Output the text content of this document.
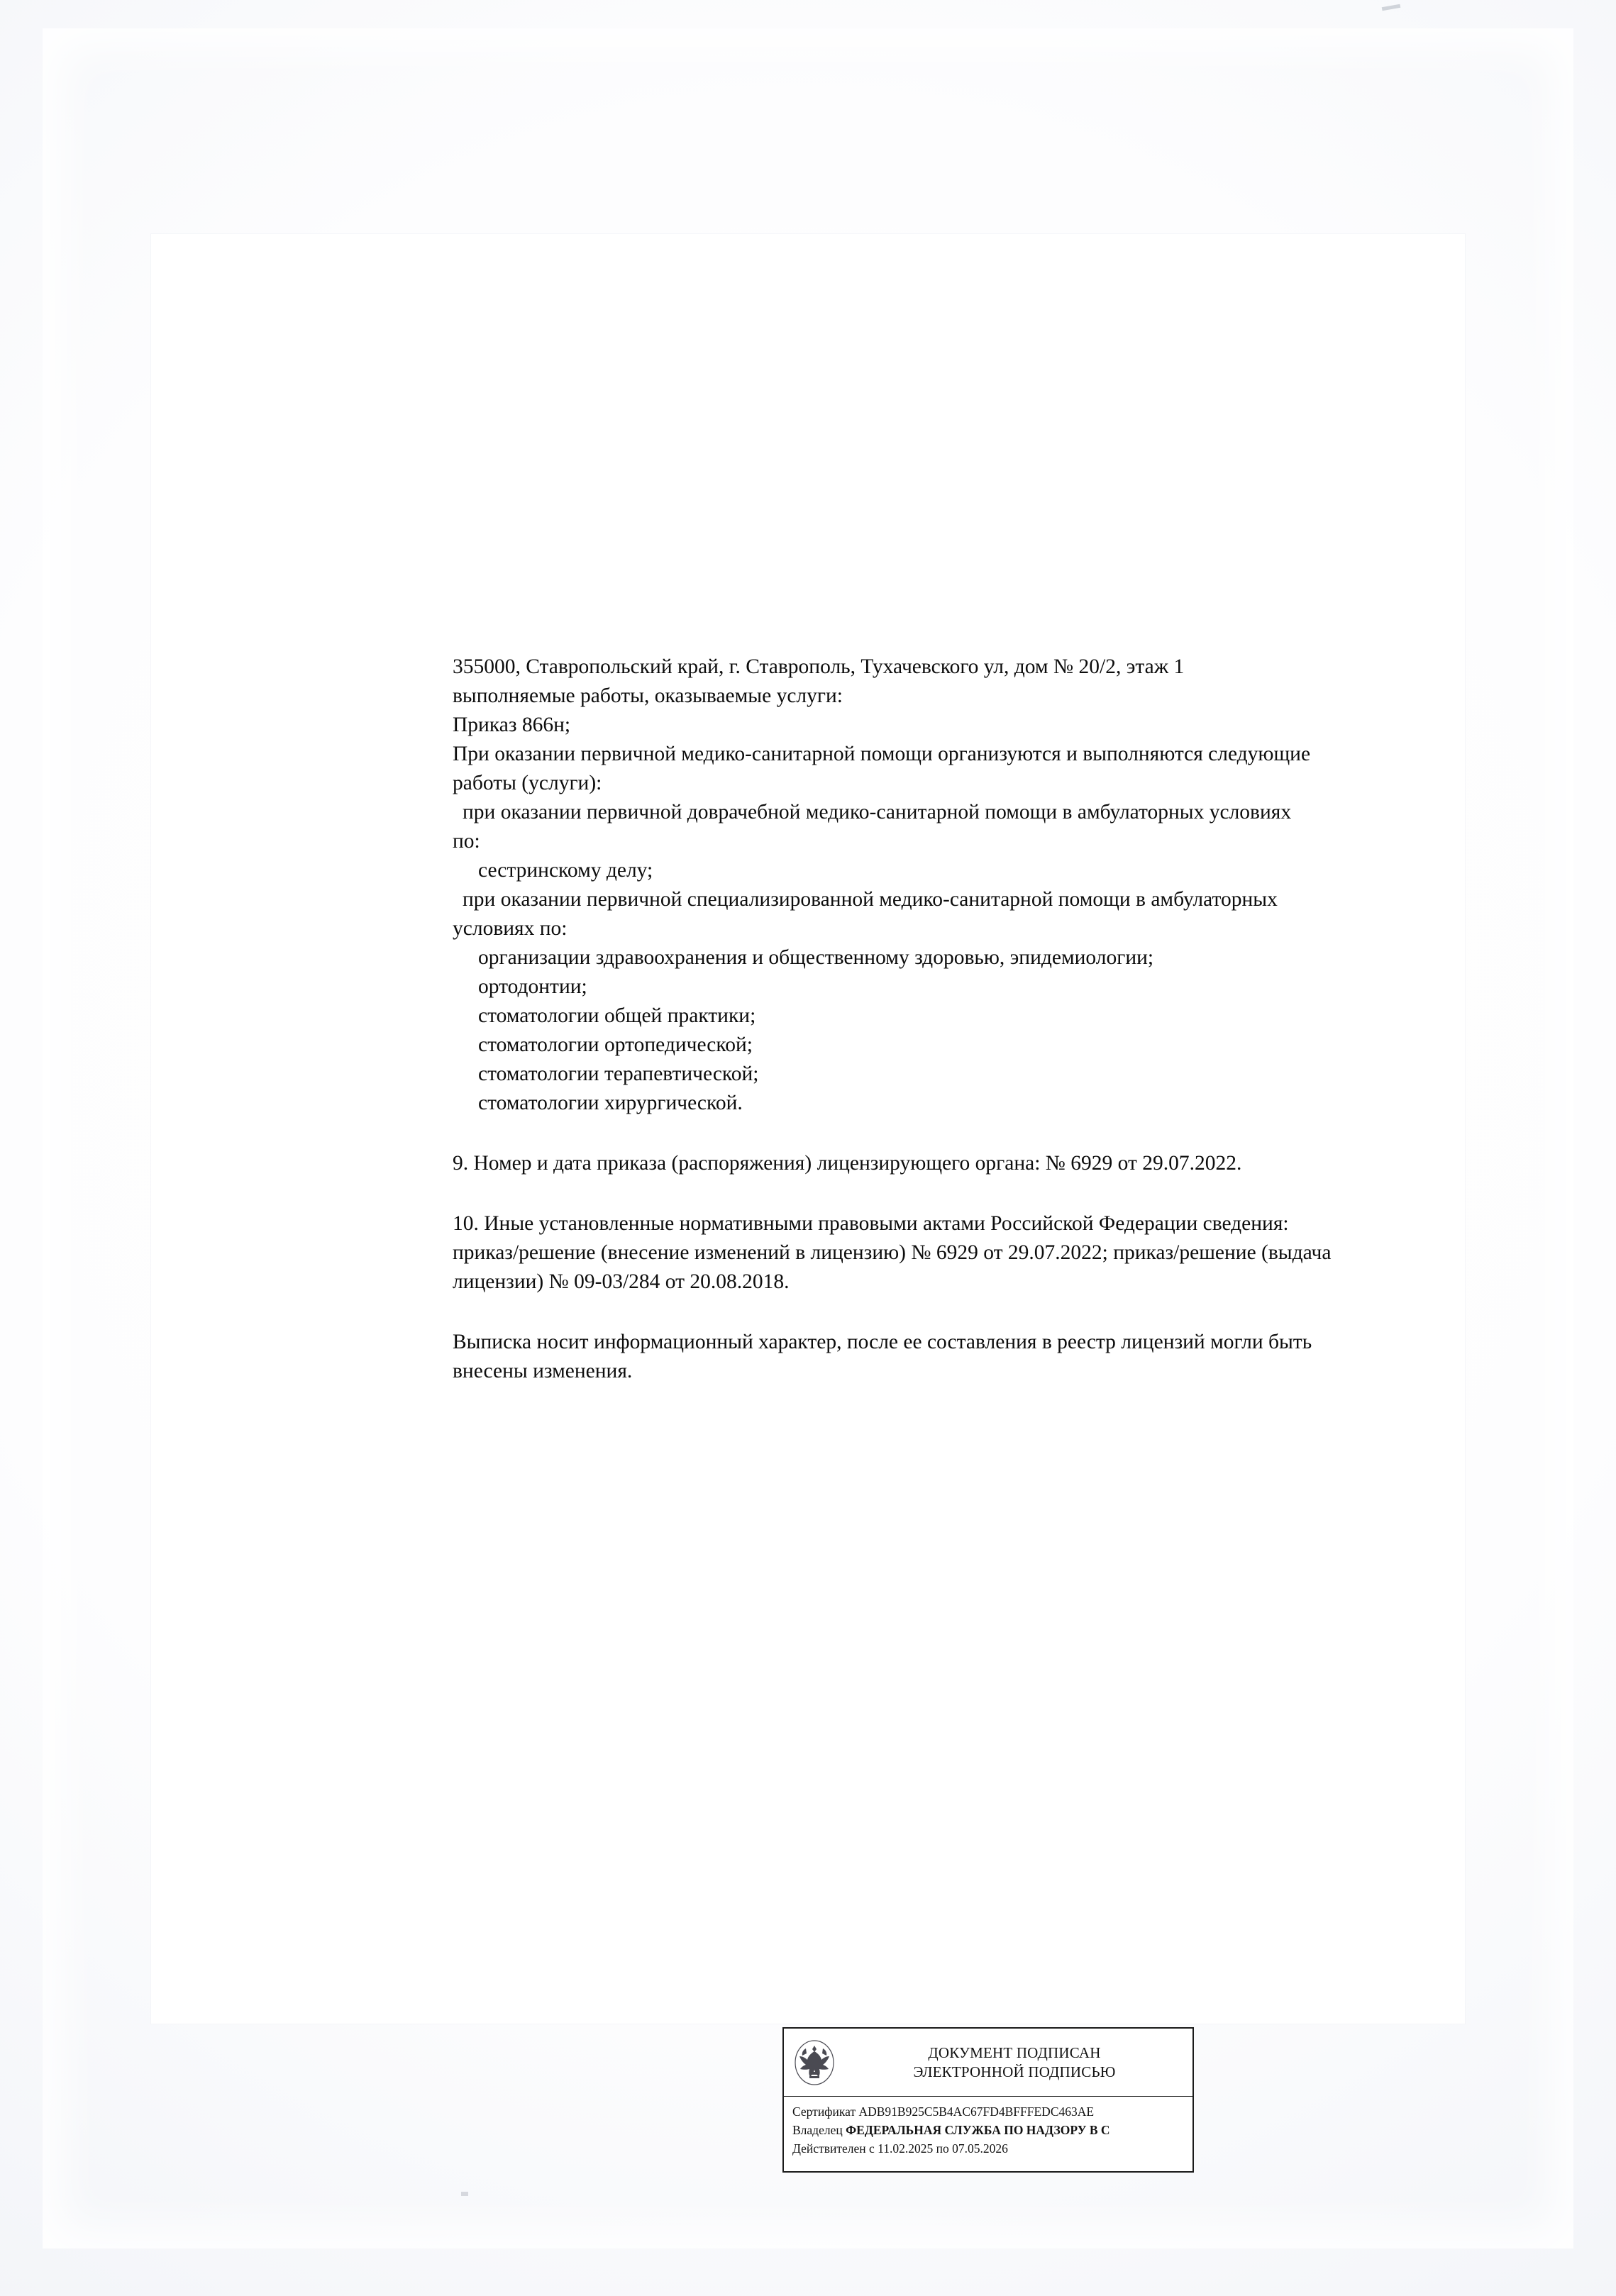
355000, Ставропольский край, г. Ставрополь, Тухачевского ул, дом № 20/2, этаж 1
выполняемые работы, оказываемые услуги:
Приказ 866н;
При оказании первичной медико-санитарной помощи организуются и выполняются следующие
работы (услуги):
при оказании первичной доврачебной медико-санитарной помощи в амбулаторных условиях
по:
сестринскому делу;
при оказании первичной специализированной медико-санитарной помощи в амбулаторных
условиях по:
организации здравоохранения и общественному здоровью, эпидемиологии;
ортодонтии;
стоматологии общей практики;
стоматологии ортопедической;
стоматологии терапевтической;
стоматологии хирургической.
9. Номер и дата приказа (распоряжения) лицензирующего органа: № 6929 от 29.07.2022.
10. Иные установленные нормативными правовыми актами Российской Федерации сведения:
приказ/решение (внесение изменений в лицензию) № 6929 от 29.07.2022; приказ/решение (выдача
лицензии) № 09-03/284 от 20.08.2018.
Выписка носит информационный характер, после ее составления в реестр лицензий могли быть
внесены изменения.
ДОКУМЕНТ ПОДПИСАН
ЭЛЕКТРОННОЙ ПОДПИСЬЮ
Сертификат ADB91B925C5B4AC67FD4BFFFEDC463AE
Владелец ФЕДЕРАЛЬНАЯ СЛУЖБА ПО НАДЗОРУ В С
Действителен с 11.02.2025 по 07.05.2026
